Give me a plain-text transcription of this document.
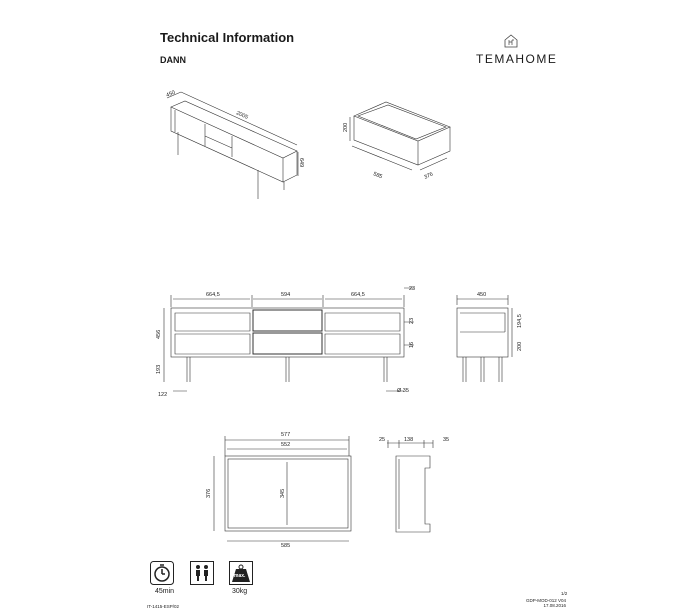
Technical Information
DANN	TEMAHOME
450
2005
649
200
585	376
664,5	594	664,5
23
23
456
193
16
122
Ø 35
450
194,5
200
577
552
376	345
585
25	138	35
45min	30kg
max.
IT-1415-ESP/02
1/2
GDP-MOD-012 V04
17.08.2016
